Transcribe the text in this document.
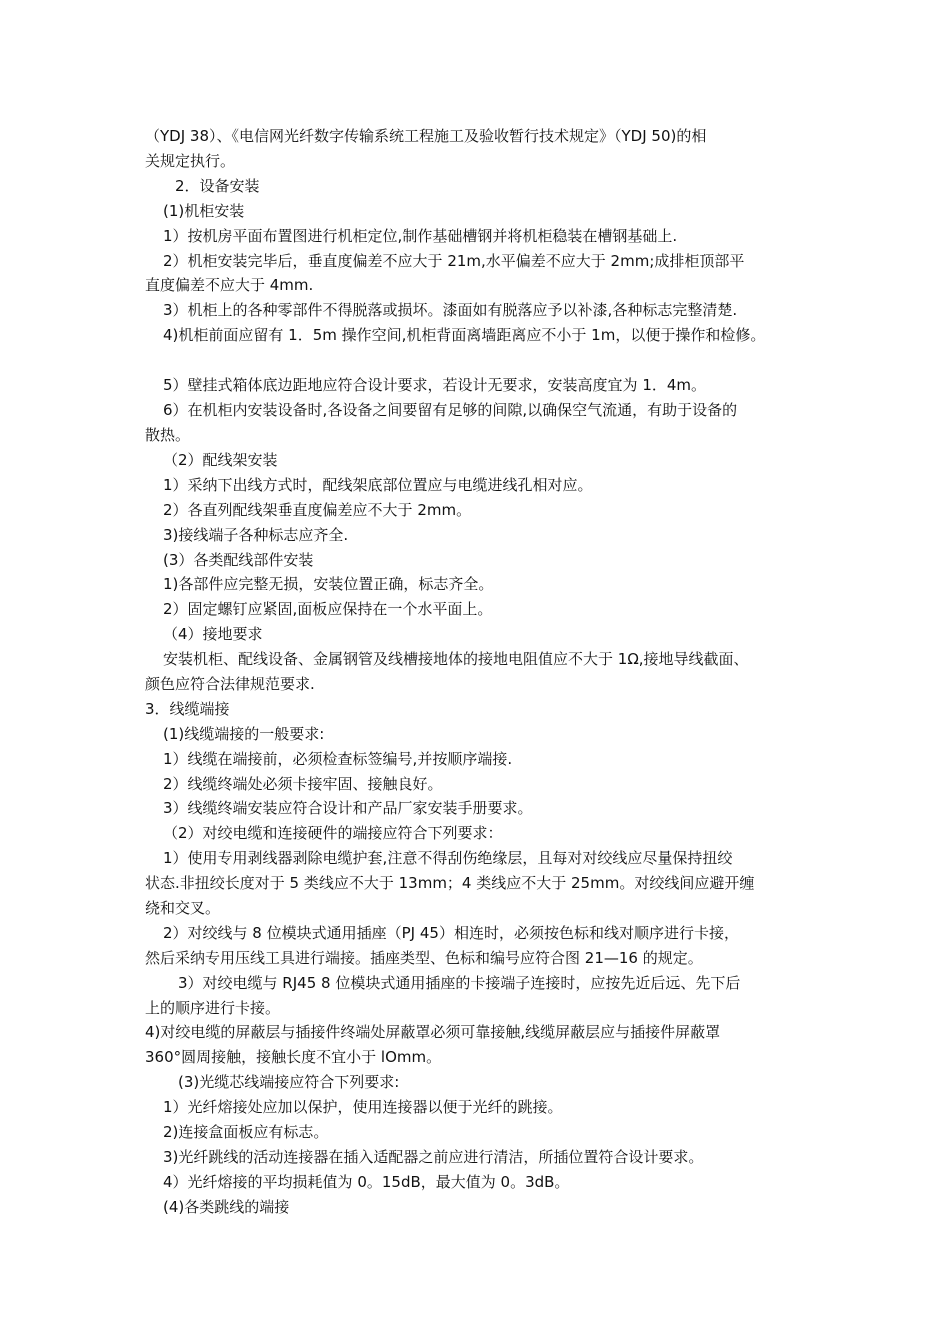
（YDJ 38）、《电信网光纤数字传输系统工程施工及验收暂行技术规定》（YDJ 50)的相
关规定执行。
2．设备安装
(1)机柜安装
1）按机房平面布置图进行机柜定位,制作基础槽钢并将机柜稳装在槽钢基础上.
2）机柜安装完毕后，垂直度偏差不应大于 21m,水平偏差不应大于 2mm;成排柜顶部平
直度偏差不应大于 4mm.
3）机柜上的各种零部件不得脱落或损坏。漆面如有脱落应予以补漆,各种标志完整清楚.
4)机柜前面应留有 1．5m 操作空间,机柜背面离墙距离应不小于 1m，以便于操作和检修。
5）壁挂式箱体底边距地应符合设计要求，若设计无要求，安装高度宜为 1．4m。
6）在机柜内安装设备时,各设备之间要留有足够的间隙,以确保空气流通，有助于设备的
散热。
（2）配线架安装
1）采纳下出线方式时，配线架底部位置应与电缆进线孔相对应。
2）各直列配线架垂直度偏差应不大于 2mm。
3)接线端子各种标志应齐全.
(3）各类配线部件安装
1)各部件应完整无损，安装位置正确，标志齐全。
2）固定螺钉应紧固,面板应保持在一个水平面上。
（4）接地要求
安装机柜、配线设备、金属钢管及线槽接地体的接地电阻值应不大于 1Ω,接地导线截面、
颜色应符合法律规范要求.
3．线缆端接
(1)线缆端接的一般要求:
1）线缆在端接前，必须检查标签编号,并按顺序端接.
2）线缆终端处必须卡接牢固、接触良好。
3）线缆终端安装应符合设计和产品厂家安装手册要求。
（2）对绞电缆和连接硬件的端接应符合下列要求：
1）使用专用剥线器剥除电缆护套,注意不得刮伤绝缘层，且每对对绞线应尽量保持扭绞
状态.非扭绞长度对于 5 类线应不大于 13mm；4 类线应不大于 25mm。对绞线间应避开缠
绕和交叉。
2）对绞线与 8 位模块式通用插座（PJ 45）相连时，必须按色标和线对顺序进行卡接，
然后采纳专用压线工具进行端接。插座类型、色标和编号应符合图 21—16 的规定。
3）对绞电缆与 RJ45 8 位模块式通用插座的卡接端子连接时，应按先近后远、先下后
上的顺序进行卡接。
4)对绞电缆的屏蔽层与插接件终端处屏蔽罩必须可靠接触,线缆屏蔽层应与插接件屏蔽罩
360°圆周接触，接触长度不宜小于 lOmm。
(3)光缆芯线端接应符合下列要求:
1）光纤熔接处应加以保护，使用连接器以便于光纤的跳接。
2)连接盒面板应有标志。
3)光纤跳线的活动连接器在插入适配器之前应进行清洁，所插位置符合设计要求。
4）光纤熔接的平均损耗值为 0。15dB，最大值为 0。3dB。
(4)各类跳线的端接
